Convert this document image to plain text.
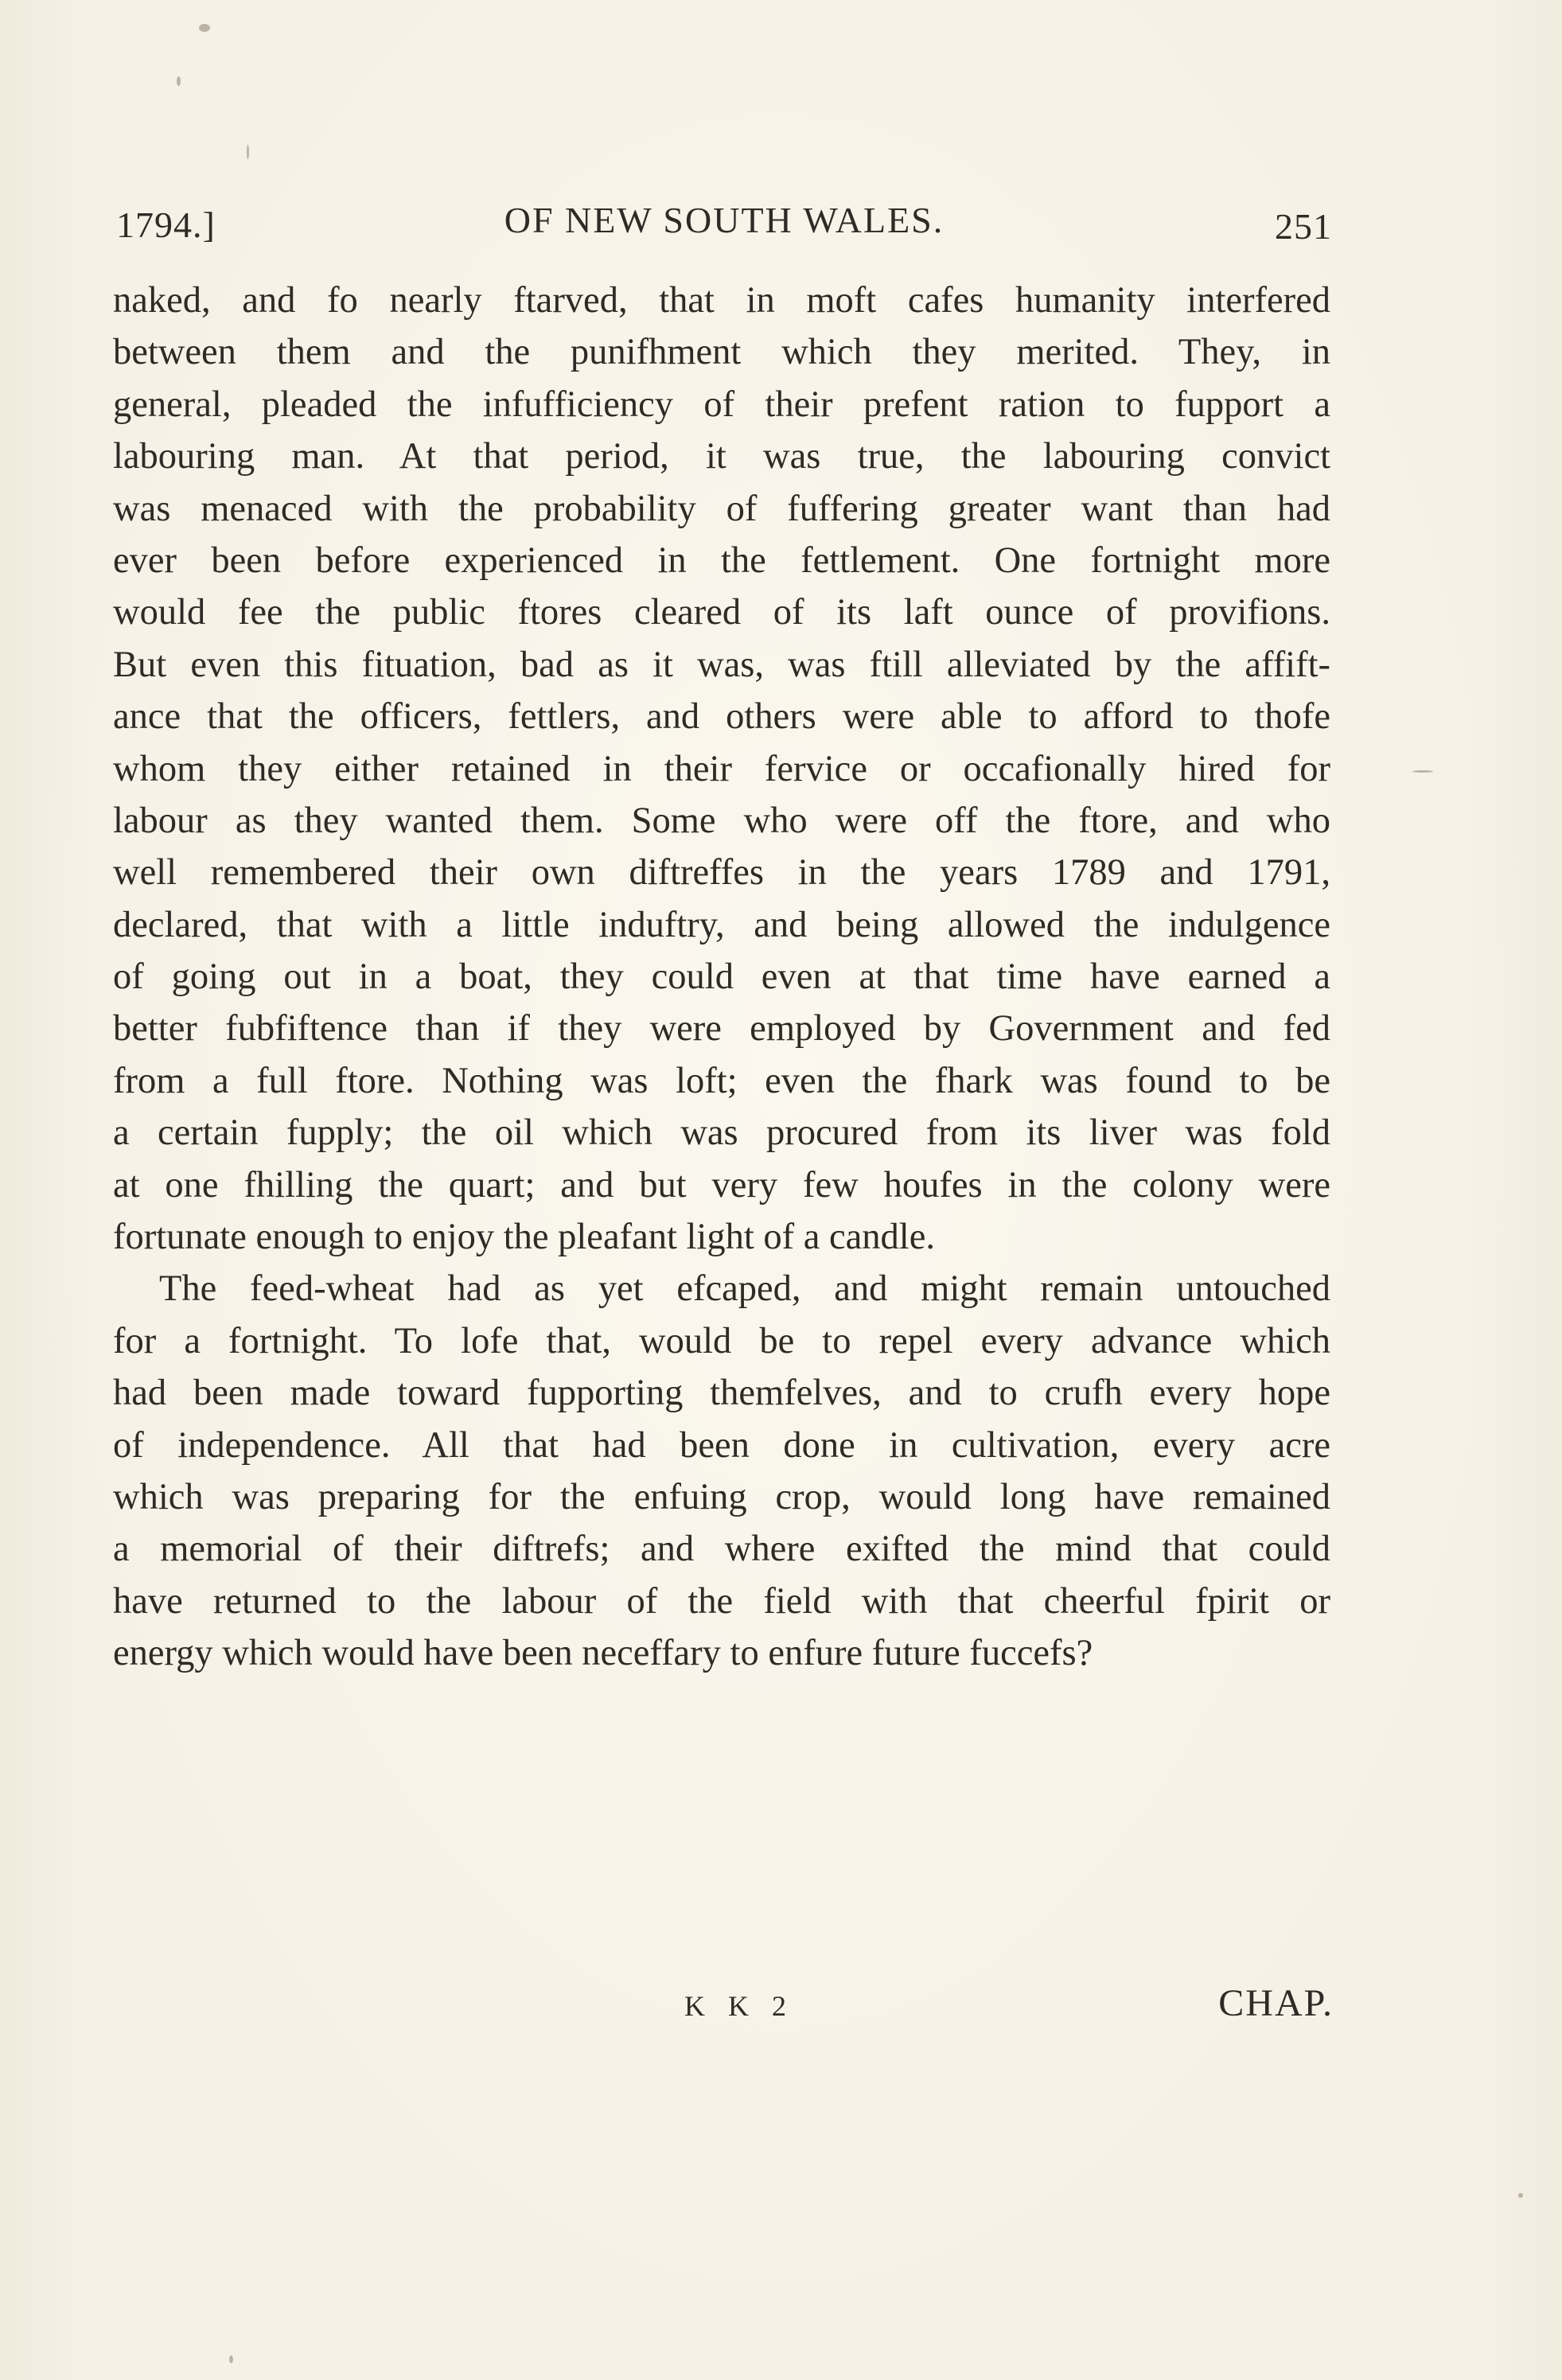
1794.]	OF NEW SOUTH WALES.	251
naked, and fo nearly ftarved, that in moft cafes humanity interfered
between them and the punifhment which they merited. They, in
general, pleaded the infufficiency of their prefent ration to fupport a
labouring man. At that period, it was true, the labouring convict
was menaced with the probability of fuffering greater want than had
ever been before experienced in the fettlement. One fortnight more
would fee the public ftores cleared of its laft ounce of provifions.
But even this fituation, bad as it was, was ftill alleviated by the affift-
ance that the officers, fettlers, and others were able to afford to thofe
whom they either retained in their fervice or occafionally hired for
labour as they wanted them. Some who were off the ftore, and who
well remembered their own diftreffes in the years 1789 and 1791,
declared, that with a little induftry, and being allowed the indulgence
of going out in a boat, they could even at that time have earned a
better fubfiftence than if they were employed by Government and fed
from a full ftore. Nothing was loft; even the fhark was found to be
a certain fupply; the oil which was procured from its liver was fold
at one fhilling the quart; and but very few houfes in the colony were
fortunate enough to enjoy the pleafant light of a candle.
The feed-wheat had as yet efcaped, and might remain untouched
for a fortnight. To lofe that, would be to repel every advance which
had been made toward fupporting themfelves, and to crufh every hope
of independence. All that had been done in cultivation, every acre
which was preparing for the enfuing crop, would long have remained
a memorial of their diftrefs; and where exifted the mind that could
have returned to the labour of the field with that cheerful fpirit or
energy which would have been neceffary to enfure future fuccefs?
K K 2	CHAP.
